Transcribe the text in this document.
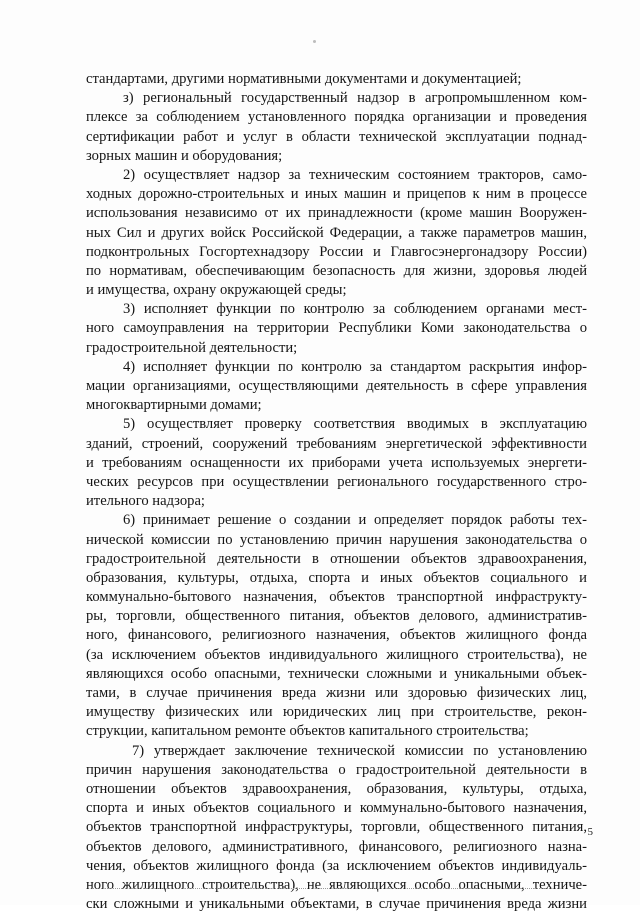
стандартами, другими нормативными документами и документацией;
з) региональный государственный надзор в агропромышленном ком-
плексе за соблюдением установленного порядка организации и проведения
сертификации работ и услуг в области технической эксплуатации поднад-
зорных машин и оборудования;
2) осуществляет надзор за техническим состоянием тракторов, само-
ходных дорожно-строительных и иных машин и прицепов к ним в процессе
использования независимо от их принадлежности (кроме машин Вооружен-
ных Сил и других войск Российской Федерации, а также параметров машин,
подконтрольных Госгортехнадзору России и Главгосэнергонадзору России)
по нормативам, обеспечивающим безопасность для жизни, здоровья людей
и имущества, охрану окружающей среды;
3) исполняет функции по контролю за соблюдением органами мест-
ного самоуправления на территории Республики Коми законодательства о
градостроительной деятельности;
4) исполняет функции по контролю за стандартом раскрытия инфор-
мации организациями, осуществляющими деятельность в сфере управления
многоквартирными домами;
5) осуществляет проверку соответствия вводимых в эксплуатацию
зданий, строений, сооружений требованиям энергетической эффективности
и требованиям оснащенности их приборами учета используемых энергети-
ческих ресурсов при осуществлении регионального государственного стро-
ительного надзора;
6) принимает решение о создании и определяет порядок работы тех-
нической комиссии по установлению причин нарушения законодательства о
градостроительной деятельности в отношении объектов здравоохранения,
образования, культуры, отдыха, спорта и иных объектов социального и
коммунально-бытового назначения, объектов транспортной инфраструкту-
ры, торговли, общественного питания, объектов делового, административ-
ного, финансового, религиозного назначения, объектов жилищного фонда
(за исключением объектов индивидуального жилищного строительства), не
являющихся особо опасными, технически сложными и уникальными объек-
тами, в случае причинения вреда жизни или здоровью физических лиц,
имуществу физических или юридических лиц при строительстве, рекон-
струкции, капитальном ремонте объектов капитального строительства;
7) утверждает заключение технической комиссии по установлению
причин нарушения законодательства о градостроительной деятельности в
отношении объектов здравоохранения, образования, культуры, отдыха,
спорта и иных объектов социального и коммунально-бытового назначения,
объектов транспортной инфраструктуры, торговли, общественного питания,
объектов делового, административного, финансового, религиозного назна-
чения, объектов жилищного фонда (за исключением объектов индивидуаль-
ного жилищного строительства), не являющихся особо опасными, техниче-
ски сложными и уникальными объектами, в случае причинения вреда жизни
5
